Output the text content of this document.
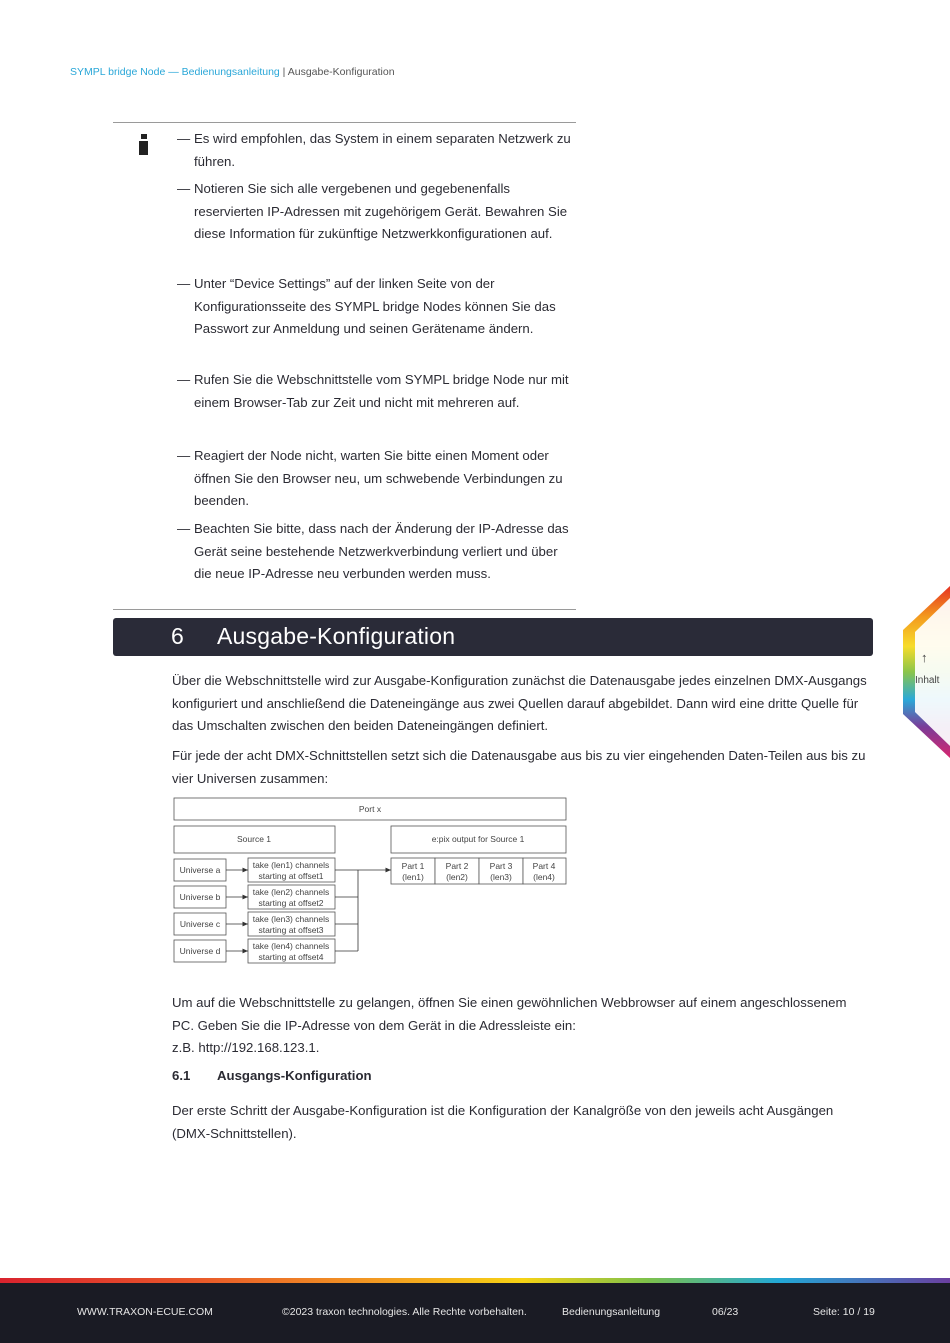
SYMPL bridge Node — Bedienungsanleitung | Ausgabe-Konfiguration
— Es wird empfohlen, das System in einem separaten Netzwerk zu führen.
— Notieren Sie sich alle vergebenen und gegebenenfalls reservierten IP-Adressen mit zugehörigem Gerät. Bewahren Sie diese Information für zukünftige Netzwerkkonfigurationen auf.
— Unter “Device Settings” auf der linken Seite von der Konfigurationsseite des SYMPL bridge Nodes können Sie das Passwort zur Anmeldung und seinen Gerätename ändern.
— Rufen Sie die Webschnittstelle vom SYMPL bridge Node nur mit einem Browser-Tab zur Zeit und nicht mit mehreren auf.
— Reagiert der Node nicht, warten Sie bitte einen Moment oder öffnen Sie den Browser neu, um schwebende Verbindungen zu beenden.
— Beachten Sie bitte, dass nach der Änderung der IP-Adresse das Gerät seine bestehende Netzwerkverbindung verliert und über die neue IP-Adresse neu verbunden werden muss.
6 Ausgabe-Konfiguration
Über die Webschnittstelle wird zur Ausgabe-Konfiguration zunächst die Datenausgabe jedes einzelnen DMX-Ausgangs konfiguriert und anschließend die Dateneingänge aus zwei Quellen darauf abgebildet. Dann wird eine dritte Quelle für das Umschalten zwischen den beiden Dateneingängen definiert.
Für jede der acht DMX-Schnittstellen setzt sich die Datenausgabe aus bis zu vier eingehenden Daten-Teilen aus bis zu vier Universen zusammen:
Port x
Source 1	e:pix output for Source 1
Universe a
Universe b
Universe c
Universe d
take (len1) channels
starting at offset1
take (len2) channels
starting at offset2
take (len3) channels
starting at offset3
take (len4) channels
starting at offset4
Part 1
(len1)
Part 2
(len2)
Part 3
(len3)
Part 4
(len4)
Um auf die Webschnittstelle zu gelangen, öffnen Sie einen gewöhnlichen Webbrowser auf einem angeschlossenem PC. Geben Sie die IP-Adresse von dem Gerät in die Adressleiste ein:
z.B. http://192.168.123.1.
6.1 Ausgangs-Konfiguration
Der erste Schritt der Ausgabe-Konfiguration ist die Konfiguration der Kanalgröße von den jeweils acht Ausgängen (DMX-Schnittstellen).
↑
Inhalt
WWW.TRAXON-ECUE.COM	©2023 traxon technologies. Alle Rechte vorbehalten.	Bedienungsanleitung	06/23	Seite: 10 / 19
